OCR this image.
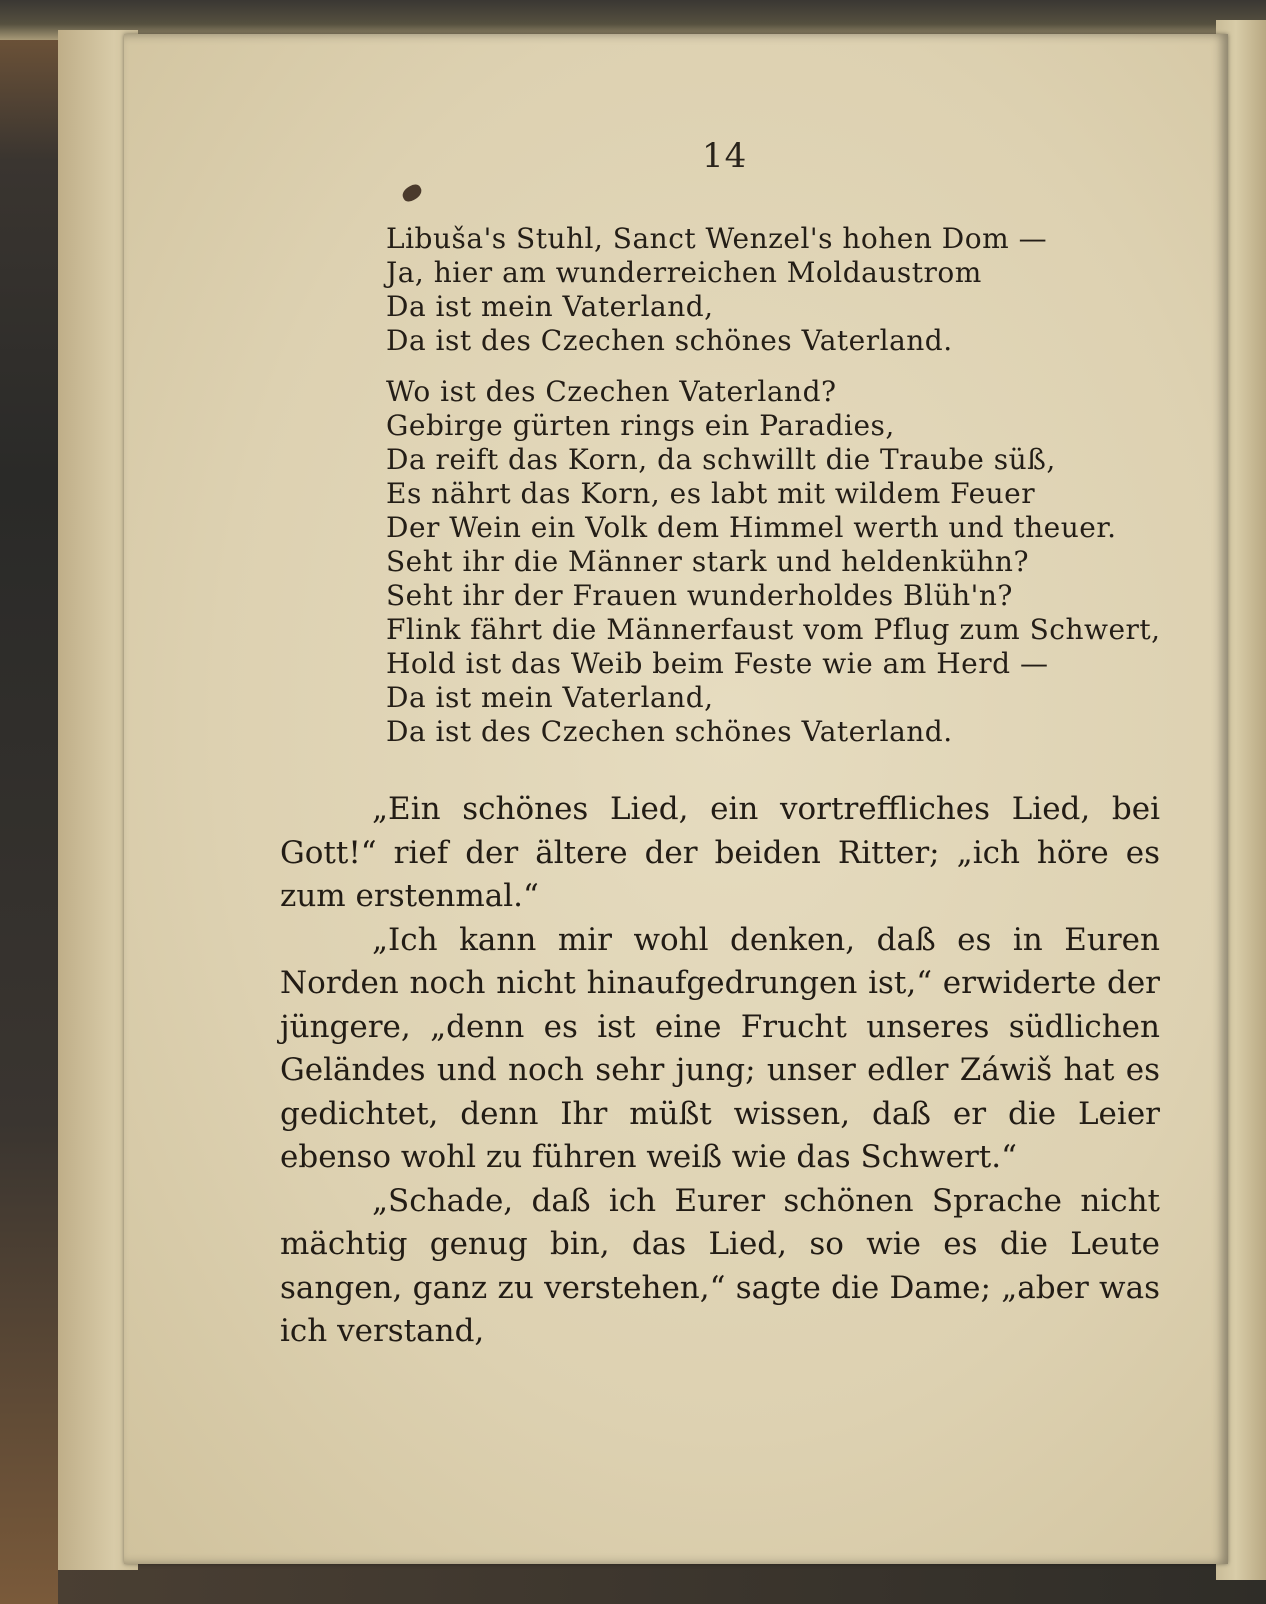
14
Libuša's Stuhl, Sanct Wenzel's hohen Dom —
Ja, hier am wunderreichen Moldaustrom
Da ist mein Vaterland,
Da ist des Czechen schönes Vaterland.
Wo ist des Czechen Vaterland?
Gebirge gürten rings ein Paradies,
Da reift das Korn, da schwillt die Traube süß,
Es nährt das Korn, es labt mit wildem Feuer
Der Wein ein Volk dem Himmel werth und theuer.
Seht ihr die Männer stark und heldenkühn?
Seht ihr der Frauen wunderholdes Blüh'n?
Flink fährt die Männerfaust vom Pflug zum Schwert,
Hold ist das Weib beim Feste wie am Herd —
Da ist mein Vaterland,
Da ist des Czechen schönes Vaterland.

„Ein schönes Lied, ein vortreffliches Lied, bei Gott!“ rief der ältere der beiden Ritter; „ich höre es zum erstenmal.“

„Ich kann mir wohl denken, daß es in Euren Norden noch nicht hinaufgedrungen ist,“ erwiderte der jüngere, „denn es ist eine Frucht unseres südlichen Geländes und noch sehr jung; unser edler Záwiš hat es gedichtet, denn Ihr müßt wissen, daß er die Leier ebenso wohl zu führen weiß wie das Schwert.“

„Schade, daß ich Eurer schönen Sprache nicht mächtig genug bin, das Lied, so wie es die Leute sangen, ganz zu verstehen,“ sagte die Dame; „aber was ich verstand,
